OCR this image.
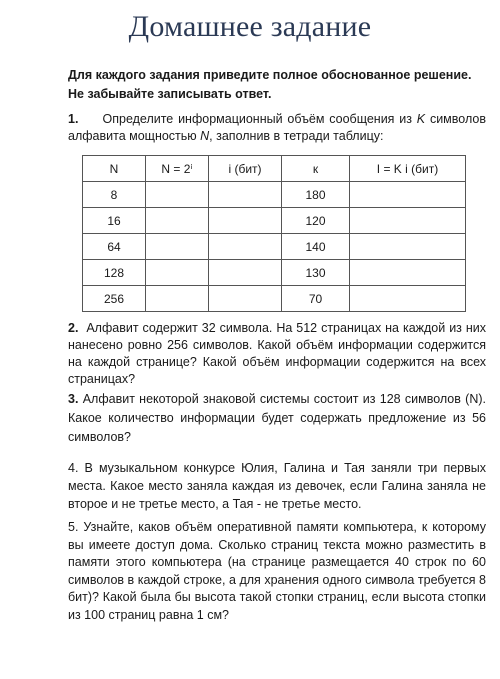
Домашнее задание
Для каждого задания приведите полное обоснованное решение.
Не забывайте записывать ответ.
1. Определите информационный объём сообщения из K символов алфавита мощностью N, заполнив в тетради таблицу:
N	N = 2ⁱ	i (бит)	к	I = K i (бит)
8			180	
16			120	
64			140	
128			130	
256			70	
2. Алфавит содержит 32 символа. На 512 страницах на каждой из них нанесено ровно 256 символов. Какой объём информации содержится на каждой странице? Какой объём информации содержится на всех страницах?
3. Алфавит некоторой знаковой системы состоит из 128 символов (N). Какое количество информации будет содержать предложение из 56 символов?
4. В музыкальном конкурсе Юлия, Галина и Тая заняли три первых места. Какое место заняла каждая из девочек, если Галина заняла не второе и не третье место, а Тая - не третье место.
5. Узнайте, каков объём оперативной памяти компьютера, к которому вы имеете доступ дома. Сколько страниц текста можно разместить в памяти этого компьютера (на странице размещается 40 строк по 60 символов в каждой строке, а для хранения одного символа требуется 8 бит)? Какой была бы высота такой стопки страниц, если высота стопки из 100 страниц равна 1 см?
